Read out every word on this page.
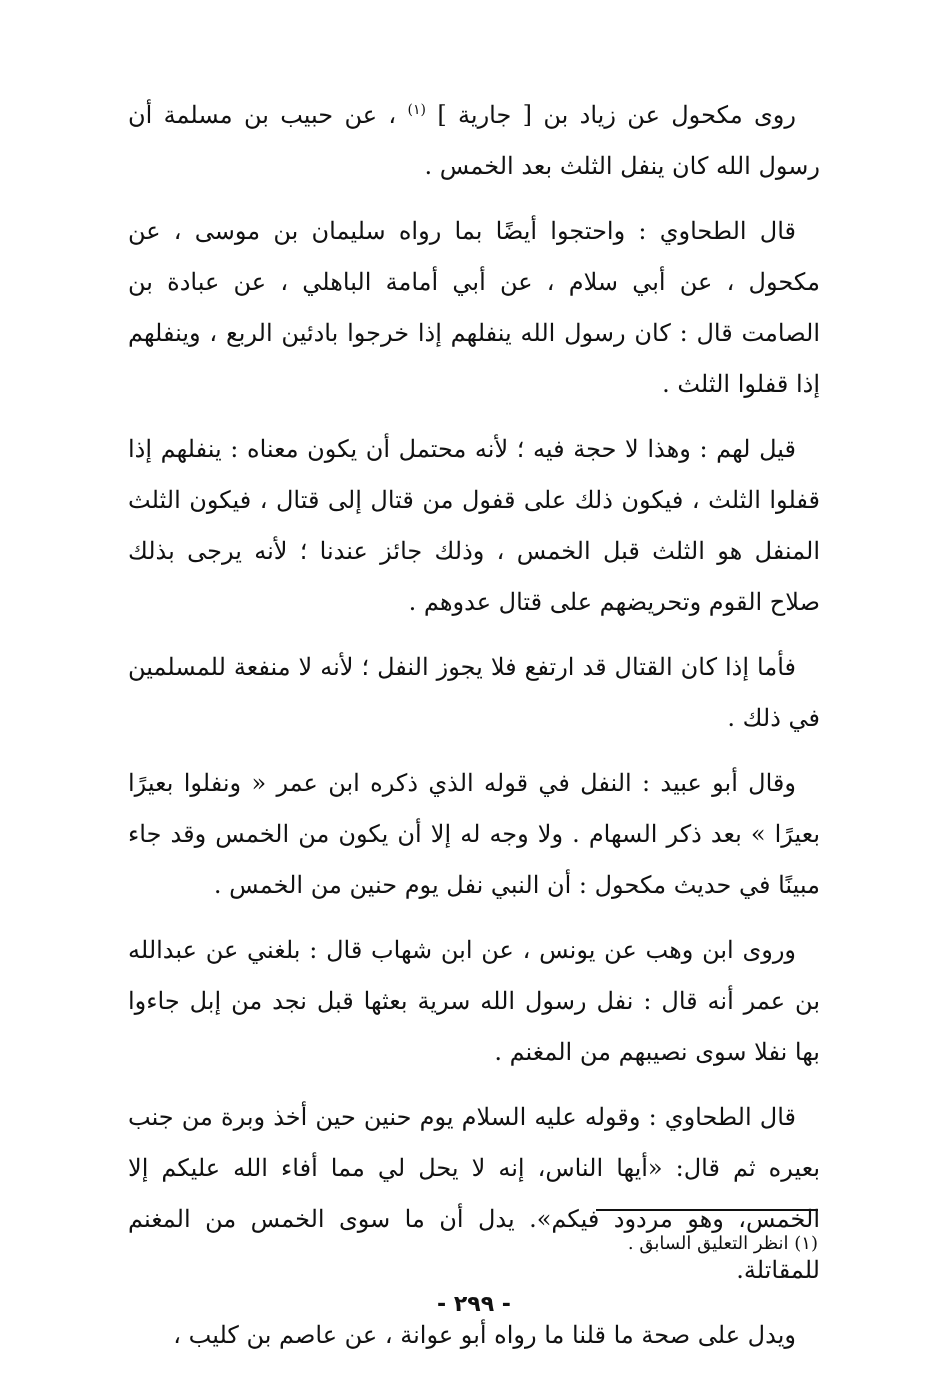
روى مكحول عن زياد بن [ جارية ] $^{(١)}$ ، عن حبيب بن مسلمة أن رسول الله كان ينفل الثلث بعد الخمس .

قال الطحاوي : واحتجوا أيضًا بما رواه سليمان بن موسى ، عن مكحول ، عن أبي سلام ، عن أبي أمامة الباهلي ، عن عبادة بن الصامت قال : كان رسول الله ينفلهم إذا خرجوا بادئين الربع ، وينفلهم إذا قفلوا الثلث .

قيل لهم : وهذا لا حجة فيه ؛ لأنه محتمل أن يكون معناه : ينفلهم إذا قفلوا الثلث ، فيكون ذلك على قفول من قتال إلى قتال ، فيكون الثلث المنفل هو الثلث قبل الخمس ، وذلك جائز عندنا ؛ لأنه يرجى بذلك صلاح القوم وتحريضهم على قتال عدوهم .

فأما إذا كان القتال قد ارتفع فلا يجوز النفل ؛ لأنه لا منفعة للمسلمين في ذلك .

وقال أبو عبيد : النفل في قوله الذي ذكره ابن عمر « ونفلوا بعيرًا بعيرًا » بعد ذكر السهام . ولا وجه له إلا أن يكون من الخمس وقد جاء مبينًا في حديث مكحول : أن النبي نفل يوم حنين من الخمس .

وروى ابن وهب عن يونس ، عن ابن شهاب قال : بلغني عن عبدالله بن عمر أنه قال : نفل رسول الله سرية بعثها قبل نجد من إبل جاءوا بها نفلا سوى نصيبهم من المغنم .

قال الطحاوي : وقوله عليه السلام يوم حنين حين أخذ وبرة من جنب بعيره ثم قال: «أيها الناس، إنه لا يحل لي مما أفاء الله عليكم إلا الخمس، وهو مردود فيكم». يدل أن ما سوى الخمس من المغنم للمقاتلة.

ويدل على صحة ما قلنا ما رواه أبو عوانة ، عن عاصم بن كليب ،

(١) انظر التعليق السابق .
- ٢٩٩ -
